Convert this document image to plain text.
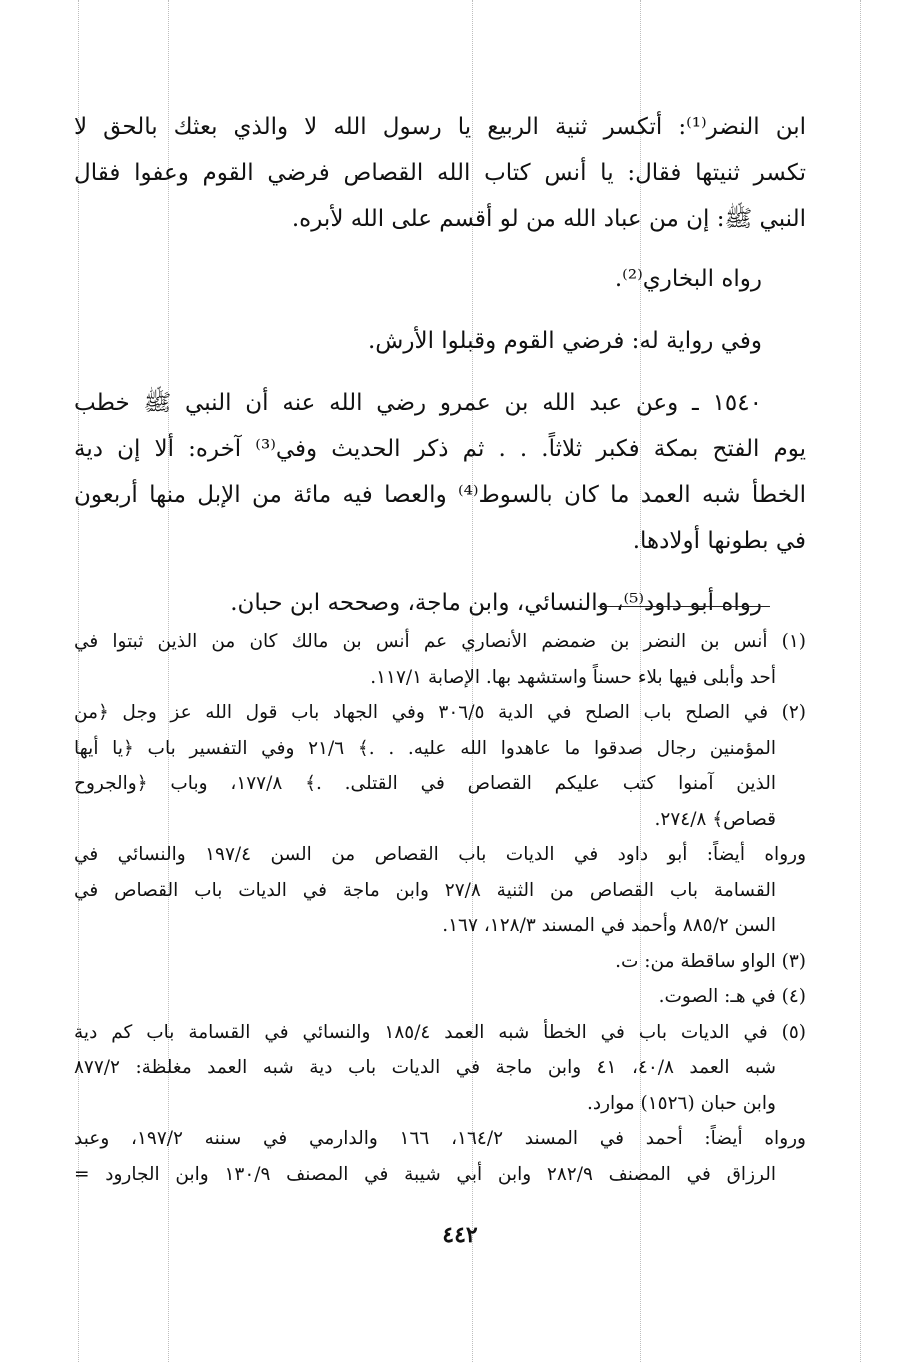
ابن النضر⁽¹⁾: أتكسر ثنية الربيع يا رسول الله لا والذي بعثك بالحق لا
تكسر ثنيتها فقال: يا أنس كتاب الله القصاص فرضي القوم وعفوا فقال
النبي ﷺ: إن من عباد الله من لو أقسم على الله لأبره.
رواه البخاري⁽²⁾.
وفي رواية له: فرضي القوم وقبلوا الأرش.
١٥٤٠ ـ وعن عبد الله بن عمرو رضي الله عنه أن النبي ﷺ خطب
يوم الفتح بمكة فكبر ثلاثاً. . . ثم ذكر الحديث وفي⁽³⁾ آخره: ألا إن دية
الخطأ شبه العمد ما كان بالسوط⁽⁴⁾ والعصا فيه مائة من الإبل منها أربعون
في بطونها أولادها.
رواه أبو داود⁽⁵⁾، والنسائي، وابن ماجة، وصححه ابن حبان.
(١) أنس بن النضر بن ضمضم الأنصاري عم أنس بن مالك كان من الذين ثبتوا في
أحد وأبلى فيها بلاء حسناً واستشهد بها. الإصابة ١١٧/١.
(٢) في الصلح باب الصلح في الدية ٣٠٦/٥ وفي الجهاد باب قول الله عز وجل ﴿من
المؤمنين رجال صدقوا ما عاهدوا الله عليه. . .﴾ ٢١/٦ وفي التفسير باب ﴿يا أيها
الذين آمنوا كتب عليكم القصاص في القتلى. .﴾ ١٧٧/٨، وباب ﴿والجروح
قصاص﴾ ٢٧٤/٨.
ورواه أيضاً: أبو داود في الديات باب القصاص من السن ١٩٧/٤ والنسائي في
القسامة باب القصاص من الثنية ٢٧/٨ وابن ماجة في الديات باب القصاص في
السن ٨٨٥/٢ وأحمد في المسند ١٢٨/٣، ١٦٧.
(٣) الواو ساقطة من: ت.
(٤) في هـ: الصوت.
(٥) في الديات باب في الخطأ شبه العمد ١٨٥/٤ والنسائي في القسامة باب كم دية
شبه العمد ٤٠/٨، ٤١ وابن ماجة في الديات باب دية شبه العمد مغلظة: ٨٧٧/٢
وابن حبان (١٥٢٦) موارد.
ورواه أيضاً: أحمد في المسند ١٦٤/٢، ١٦٦ والدارمي في سننه ١٩٧/٢، وعبد
الرزاق في المصنف ٢٨٢/٩ وابن أبي شيبة في المصنف ١٣٠/٩ وابن الجارود =
٤٤٢
